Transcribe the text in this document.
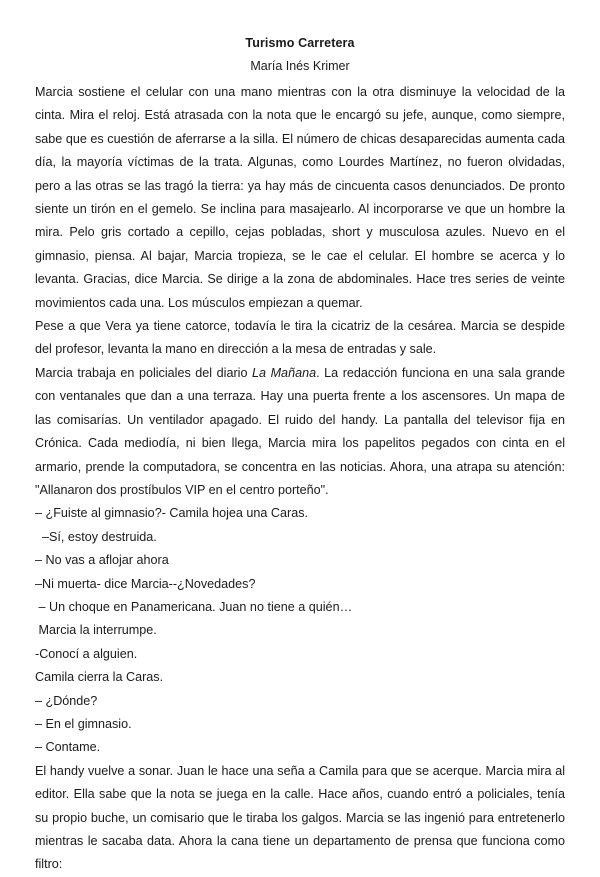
Turismo Carretera
María Inés Krimer

Marcia sostiene el celular con una mano mientras con la otra disminuye la velocidad de la cinta. Mira el reloj. Está atrasada con la nota que le encargó su jefe, aunque, como siempre, sabe que es cuestión de aferrarse a la silla. El número de chicas desaparecidas aumenta cada día, la mayoría víctimas de la trata. Algunas, como Lourdes Martínez, no fueron olvidadas, pero a las otras se las tragó la tierra: ya hay más de cincuenta casos denunciados. De pronto siente un tirón en el gemelo. Se inclina para masajearlo. Al incorporarse ve que un hombre la mira. Pelo gris cortado a cepillo, cejas pobladas, short y musculosa azules. Nuevo en el gimnasio, piensa. Al bajar, Marcia tropieza, se le cae el celular. El hombre se acerca y lo levanta. Gracias, dice Marcia. Se dirige a la zona de abdominales. Hace tres series de veinte movimientos cada una. Los músculos empiezan a quemar.

Pese a que Vera ya tiene catorce, todavía le tira la cicatriz de la cesárea. Marcia se despide del profesor, levanta la mano en dirección a la mesa de entradas y sale.

Marcia trabaja en policiales del diario La Mañana. La redacción funciona en una sala grande con ventanales que dan a una terraza. Hay una puerta frente a los ascensores. Un mapa de las comisarías. Un ventilador apagado. El ruido del handy. La pantalla del televisor fija en Crónica. Cada mediodía, ni bien llega, Marcia mira los papelitos pegados con cinta en el armario, prende la computadora, se concentra en las noticias. Ahora, una atrapa su atención: "Allanaron dos prostíbulos VIP en el centro porteño".

– ¿Fuiste al gimnasio?- Camila hojea una Caras.

–Sí, estoy destruida.

– No vas a aflojar ahora

–Ni muerta- dice Marcia--¿Novedades?

– Un choque en Panamericana. Juan no tiene a quién…

Marcia la interrumpe.

-Conocí a alguien.

Camila cierra la Caras.

– ¿Dónde?

– En el gimnasio.

– Contame.

El handy vuelve a sonar. Juan le hace una seña a Camila para que se acerque. Marcia mira al editor. Ella sabe que la nota se juega en la calle. Hace años, cuando entró a policiales, tenía su propio buche, un comisario que le tiraba los galgos. Marcia se las ingenió para entretenerlo mientras le sacaba data. Ahora la cana tiene un departamento de prensa que funciona como filtro:
